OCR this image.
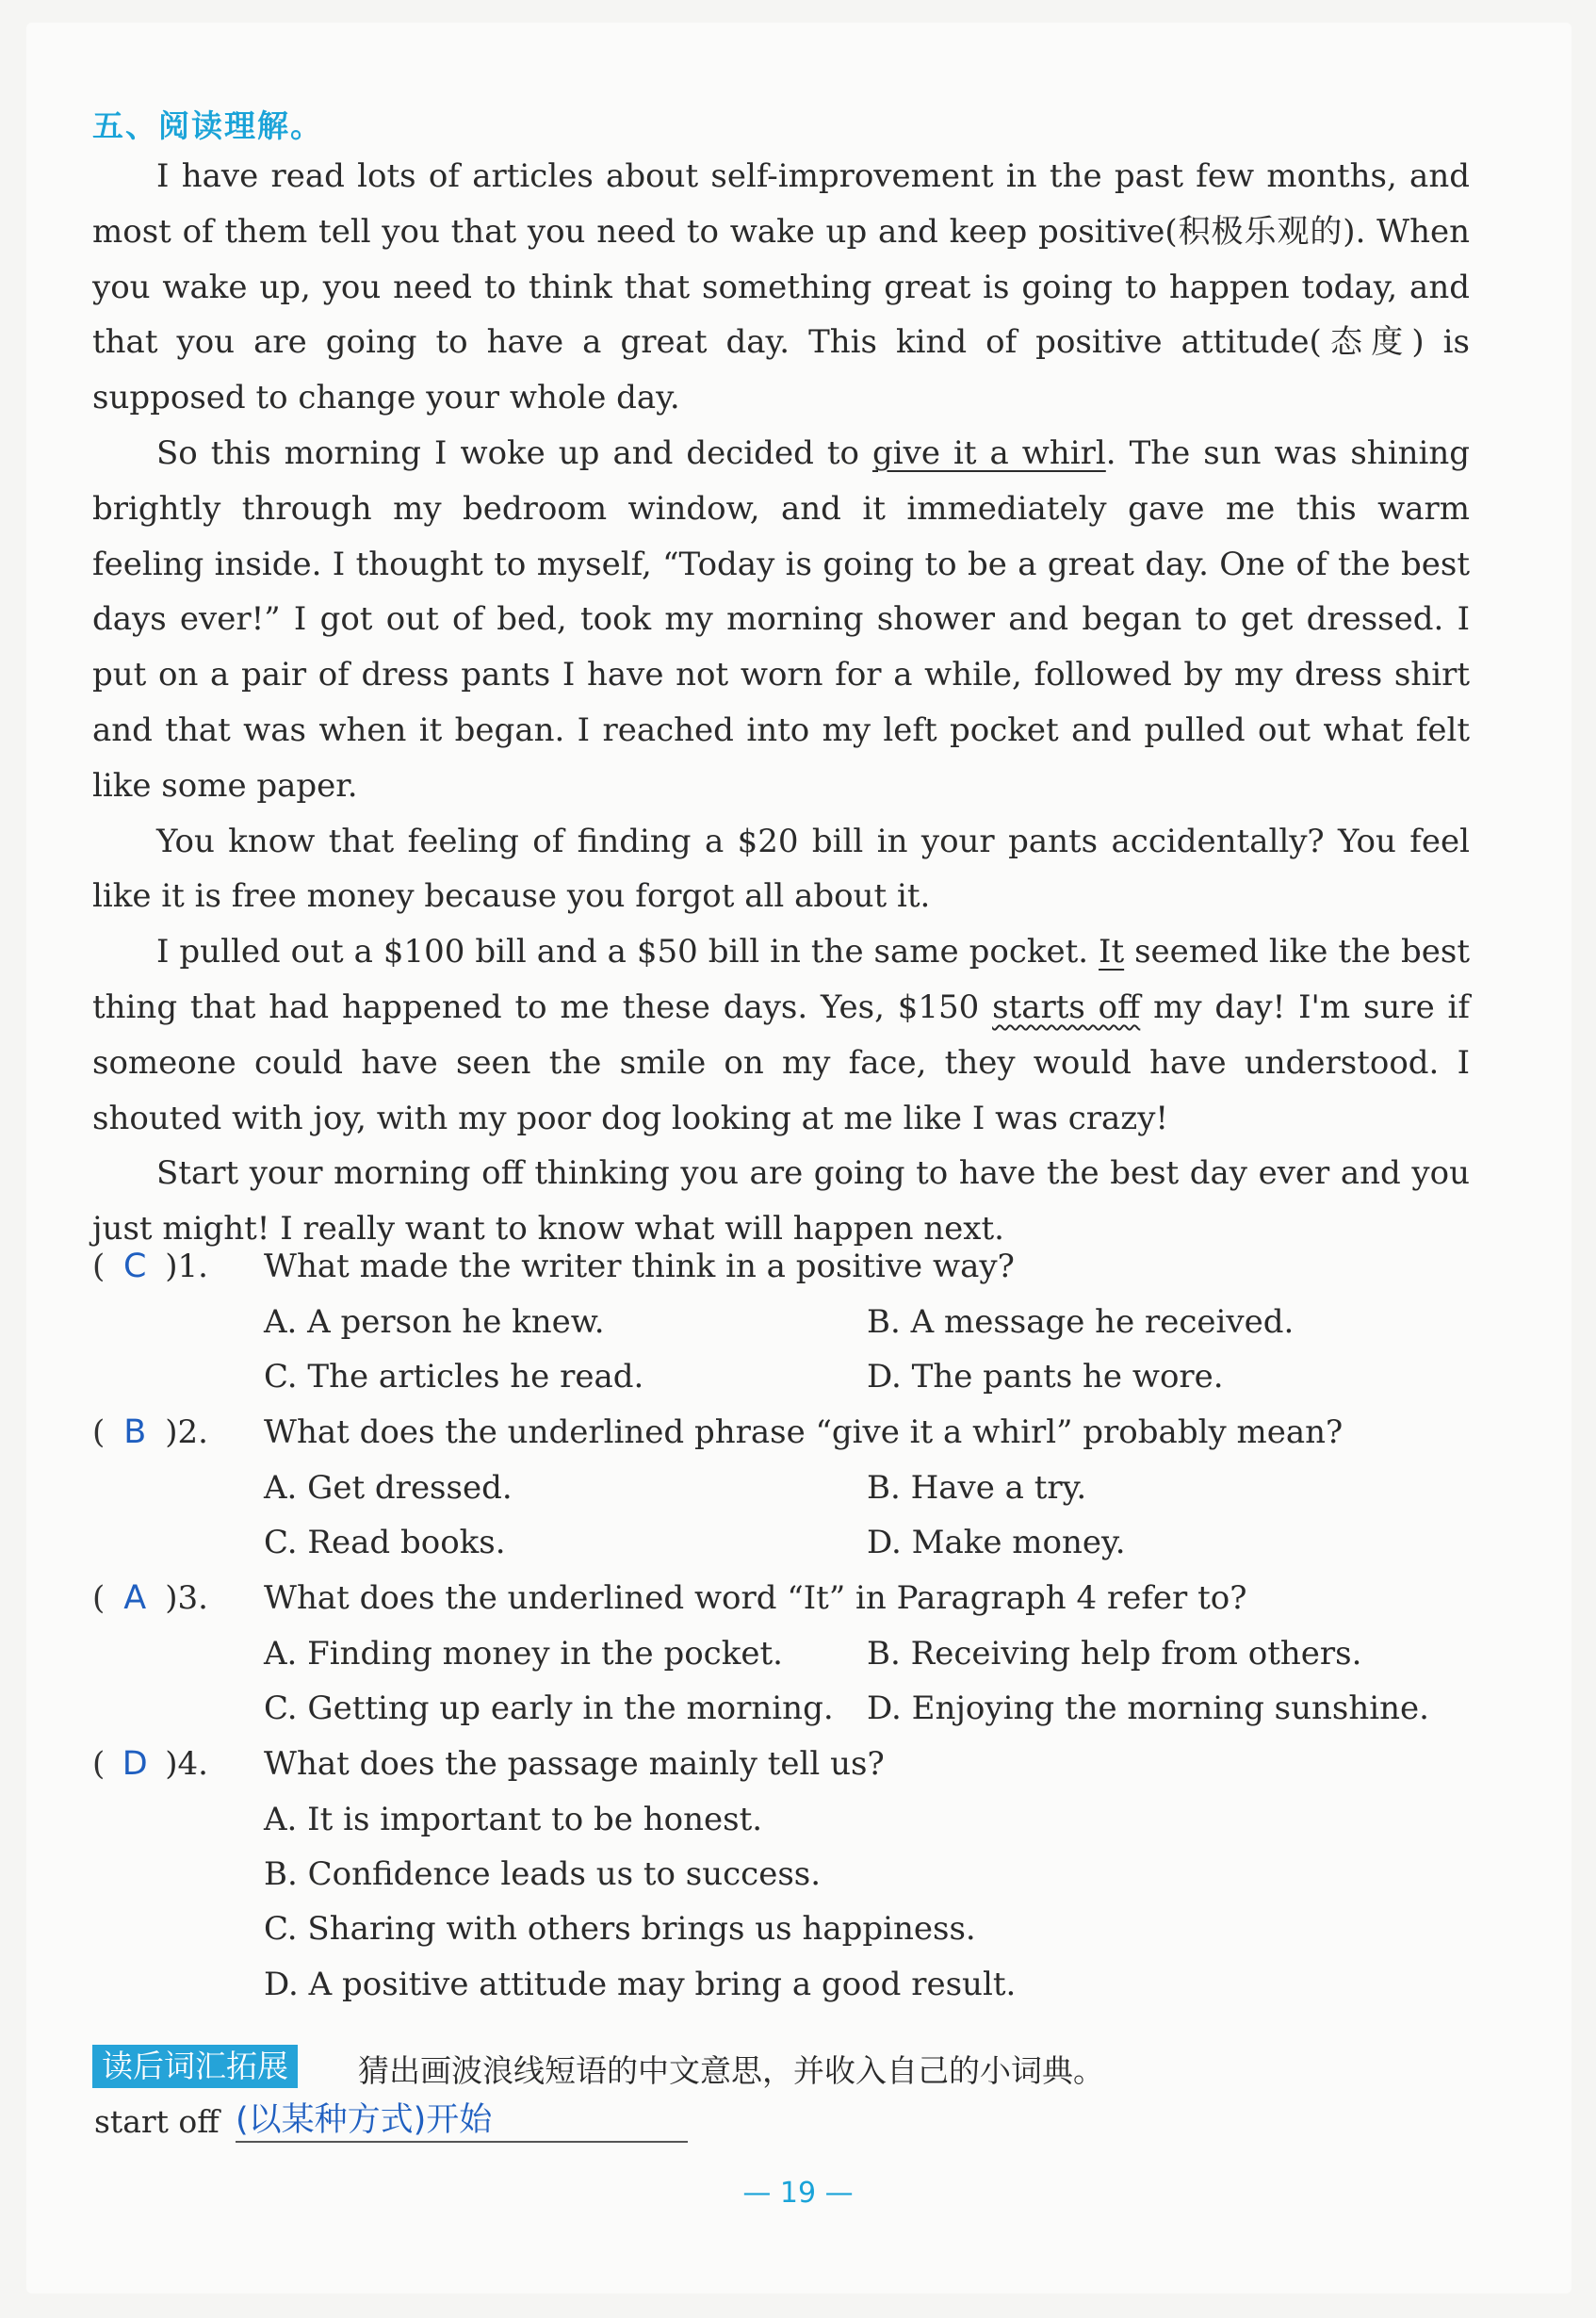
五、阅读理解。

I have read lots of articles about self-improvement in the past few months, and most of them tell you that you need to wake up and keep positive(积极乐观的). When you wake up, you need to think that something great is going to happen today, and that you are going to have a great day. This kind of positive attitude(态度) is supposed to change your whole day.

So this morning I woke up and decided to give it a whirl. The sun was shining brightly through my bedroom window, and it immediately gave me this warm feeling inside. I thought to myself, “Today is going to be a great day. One of the best days ever!” I got out of bed, took my morning shower and began to get dressed. I put on a pair of dress pants I have not worn for a while, followed by my dress shirt and that was when it began. I reached into my left pocket and pulled out what felt like some paper.

You know that feeling of finding a $20 bill in your pants accidentally? You feel like it is free money because you forgot all about it.

I pulled out a $100 bill and a $50 bill in the same pocket. It seemed like the best thing that had happened to me these days. Yes, $150 starts off my day! I'm sure if someone could have seen the smile on my face, they would have understood. I shouted with joy, with my poor dog looking at me like I was crazy!

Start your morning off thinking you are going to have the best day ever and you just might! I really want to know what will happen next.

( C )1. What made the writer think in a positive way?
A. A person he knew.	B. A message he received.
C. The articles he read.	D. The pants he wore.
( B )2. What does the underlined phrase “give it a whirl” probably mean?
A. Get dressed.	B. Have a try.
C. Read books.	D. Make money.
( A )3. What does the underlined word “It” in Paragraph 4 refer to?
A. Finding money in the pocket.	B. Receiving help from others.
C. Getting up early in the morning. D. Enjoying the morning sunshine.
( D )4. What does the passage mainly tell us?
A. It is important to be honest.
B. Confidence leads us to success.
C. Sharing with others brings us happiness.
D. A positive attitude may bring a good result.
读后词汇拓展	猜出画波浪线短语的中文意思，并收入自己的小词典。
start off (以某种方式)开始
— 19 —
